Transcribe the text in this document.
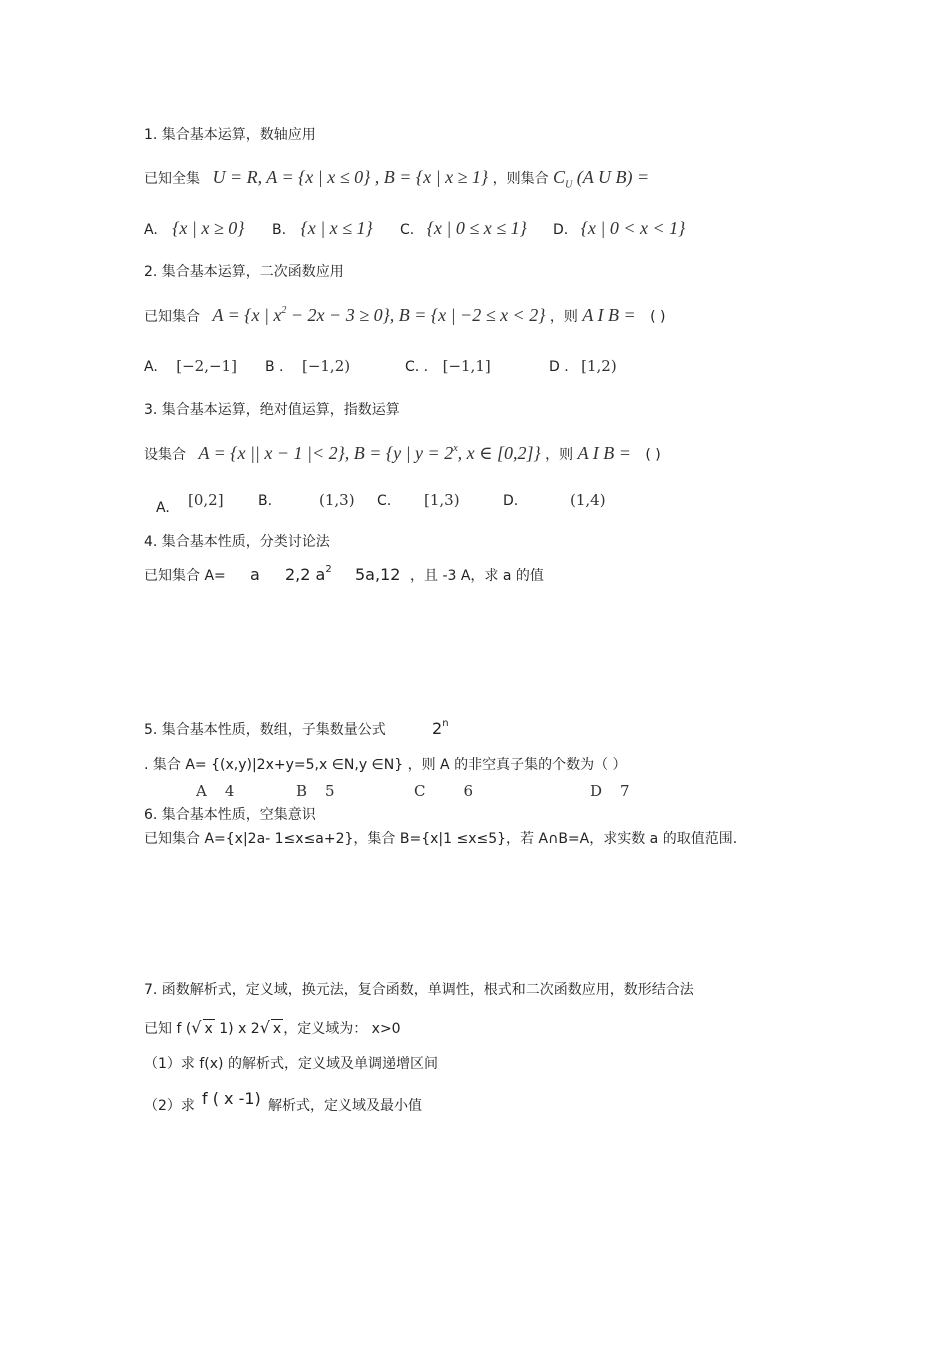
1. 集合基本运算，数轴应用
已知全集 U = R, A = {x | x ≤ 0} , B = {x | x ≥ 1} ，则集合 $C_U$ (A U B) =
A. {x | x ≥ 0} B. {x | x ≤ 1} C. {x | 0 ≤ x ≤ 1} D. {x | 0 < x < 1}
2. 集合基本运算，二次函数应用
已知集合 A = {x | $x^2 - 2x - 3 \ge 0$}, B = {x | −2 ≤ x < 2} ，则 A I B = ( )
A. [−2,−1] B . [−1,2)	C. . [−1,1]	D . [1,2)
3. 集合基本运算，绝对值运算，指数运算
设集合 A = {x || x − 1 |< 2}, B = {y | $y = 2^x$, x ∈ [0,2]} ，则 A I B = ( )
A. [0,2] B.	(1,3) C. [1,3)	D.	(1,4)
4. 集合基本性质，分类讨论法
已知集合 A= a 2,2 $a^2$ 5a,12 ，且 -3 A，求 a 的值
5. 集合基本性质，数组，子集数量公式	2$^n$
. 集合 A= {(x,y)|2x+y=5,x ∈N,y ∈N} ，则 A 的非空真子集的个数为（ ）
A 4	B 5	C	6	D 7
6. 集合基本性质，空集意识
已知集合 A={x|2a- 1≤x≤a+2}，集合 B={x|1 ≤x≤5}，若 A∩B=A，求实数 a 的取值范围.
7. 函数解析式，定义域，换元法，复合函数，单调性，根式和二次函数应用，数形结合法
已知 f (√ x 1) x 2√ x ，定义域为： x>0
（1）求 f(x) 的解析式，定义域及单调递增区间
（2）求 f ( x -1) 解析式，定义域及最小值
